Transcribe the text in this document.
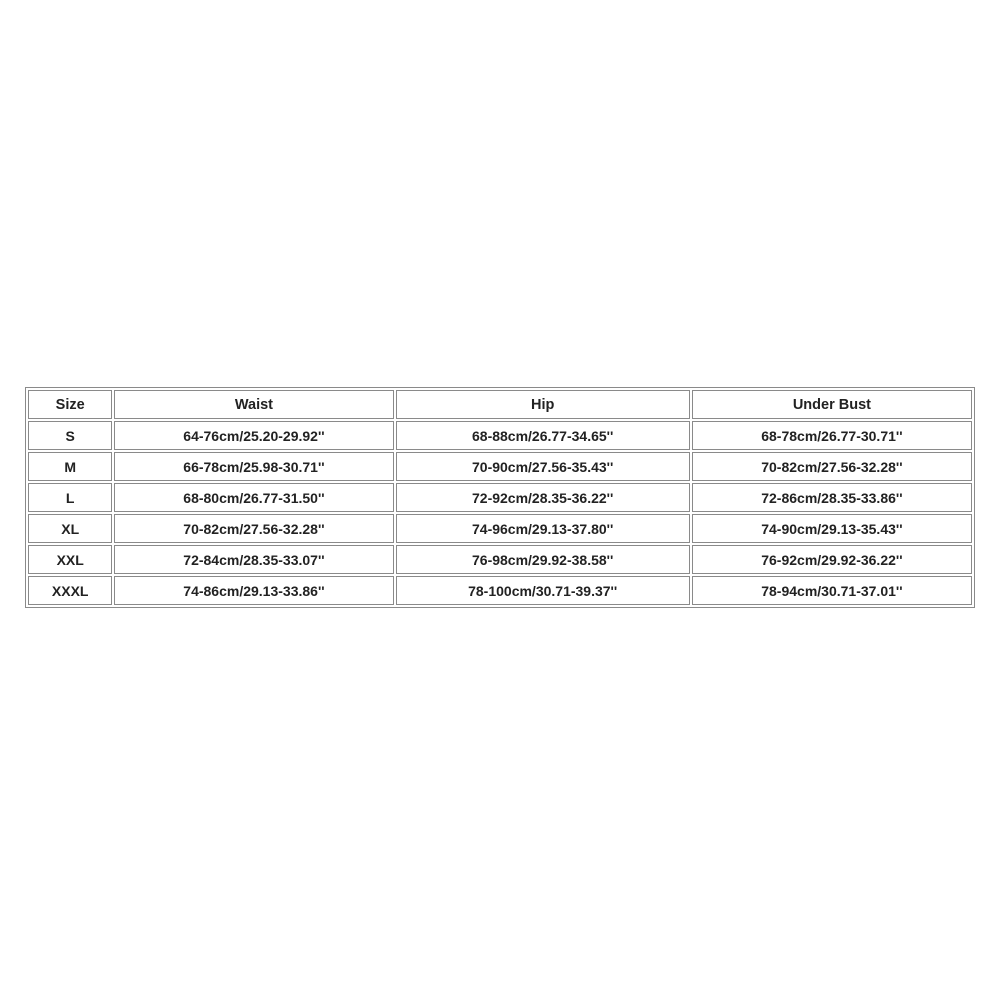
Size	Waist	Hip	Under Bust
S	64-76cm/25.20-29.92''	68-88cm/26.77-34.65''	68-78cm/26.77-30.71''
M	66-78cm/25.98-30.71''	70-90cm/27.56-35.43''	70-82cm/27.56-32.28''
L	68-80cm/26.77-31.50''	72-92cm/28.35-36.22''	72-86cm/28.35-33.86''
XL	70-82cm/27.56-32.28''	74-96cm/29.13-37.80''	74-90cm/29.13-35.43''
XXL	72-84cm/28.35-33.07''	76-98cm/29.92-38.58''	76-92cm/29.92-36.22''
XXXL	74-86cm/29.13-33.86''	78-100cm/30.71-39.37''	78-94cm/30.71-37.01''
